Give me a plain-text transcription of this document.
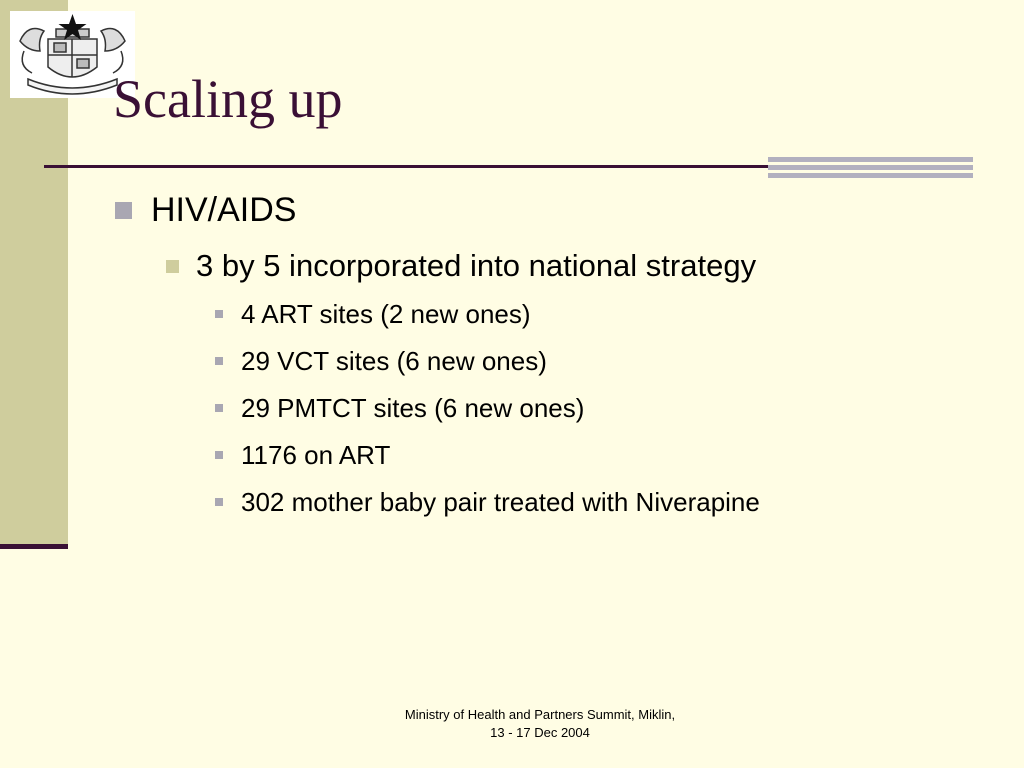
Scaling up
HIV/AIDS
3 by 5 incorporated into national strategy
4 ART sites (2 new ones)
29 VCT sites (6 new ones)
29 PMTCT sites (6 new ones)
1176 on ART
302 mother baby pair treated with Niverapine
Ministry of Health and Partners Summit, Miklin,
13 - 17 Dec 2004
